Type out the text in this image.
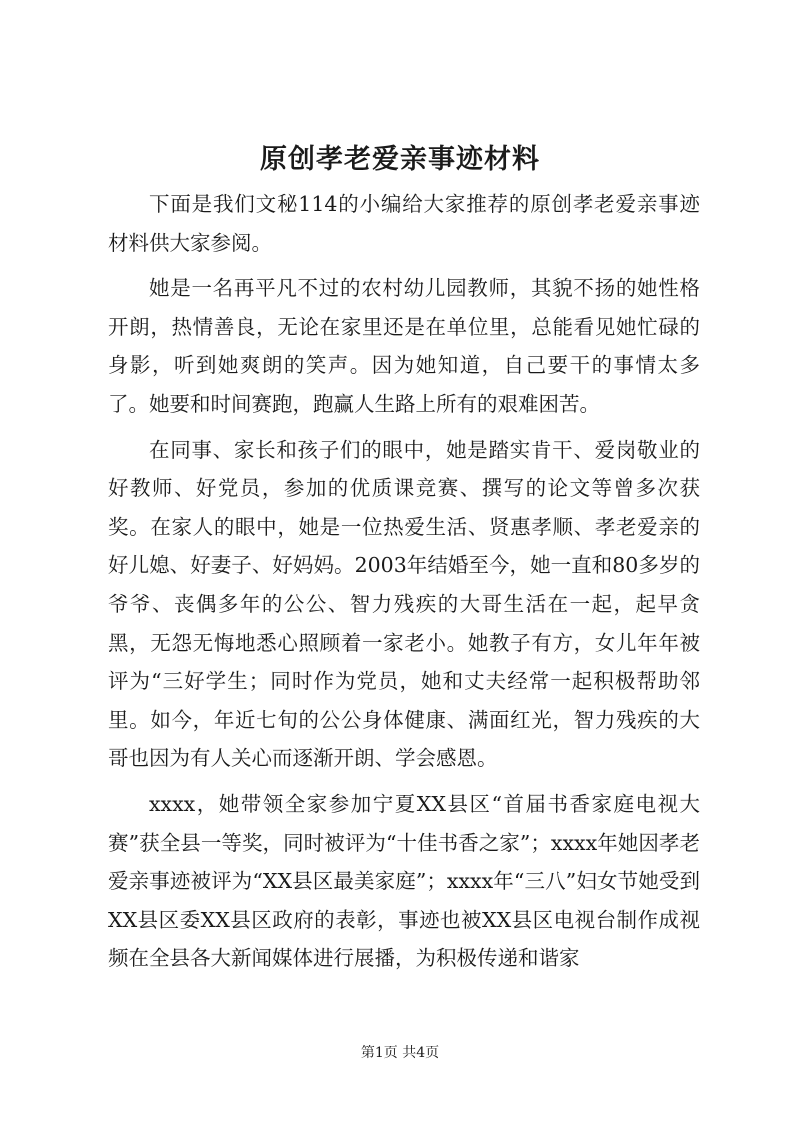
原创孝老爱亲事迹材料

下面是我们文秘114的小编给大家推荐的原创孝老爱亲事迹材料供大家参阅。

她是一名再平凡不过的农村幼儿园教师，其貌不扬的她性格开朗，热情善良，无论在家里还是在单位里，总能看见她忙碌的身影，听到她爽朗的笑声。因为她知道，自己要干的事情太多了。她要和时间赛跑，跑赢人生路上所有的艰难困苦。

在同事、家长和孩子们的眼中，她是踏实肯干、爱岗敬业的好教师、好党员，参加的优质课竞赛、撰写的论文等曾多次获奖。在家人的眼中，她是一位热爱生活、贤惠孝顺、孝老爱亲的好儿媳、好妻子、好妈妈。2003年结婚至今，她一直和80多岁的爷爷、丧偶多年的公公、智力残疾的大哥生活在一起，起早贪黑，无怨无悔地悉心照顾着一家老小。她教子有方，女儿年年被评为“三好学生；同时作为党员，她和丈夫经常一起积极帮助邻里。如今，年近七旬的公公身体健康、满面红光，智力残疾的大哥也因为有人关心而逐渐开朗、学会感恩。

xxxx，她带领全家参加宁夏XX县区“首届书香家庭电视大赛”获全县一等奖，同时被评为“十佳书香之家”；xxxx年她因孝老爱亲事迹被评为“XX县区最美家庭”；xxxx年“三八”妇女节她受到XX县区委XX县区政府的表彰，事迹也被XX县区电视台制作成视频在全县各大新闻媒体进行展播，为积极传递和谐家

第1页 共4页
